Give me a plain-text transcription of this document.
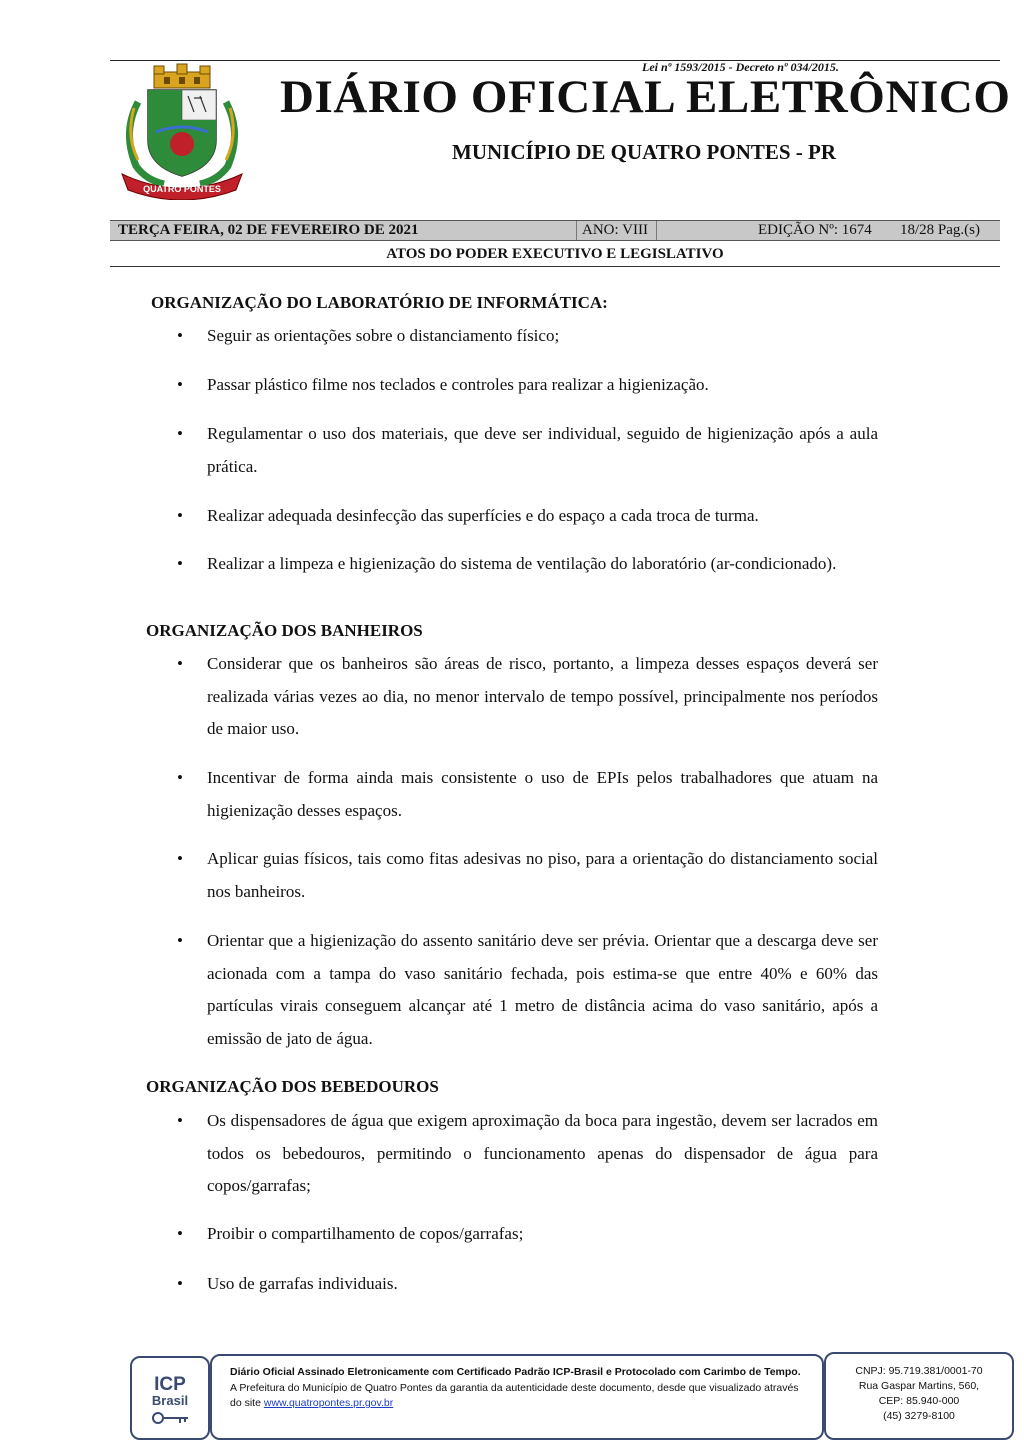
Lei nº 1593/2015 - Decreto nº 034/2015.
QUATRO PONTES
DIÁRIO OFICIAL ELETRÔNICO
MUNICÍPIO DE QUATRO PONTES - PR
TERÇA FEIRA, 02 DE FEVEREIRO DE 2021	ANO: VIII	EDIÇÃO Nº: 1674 18/28 Pag.(s)
ATOS DO PODER EXECUTIVO E LEGISLATIVO
ORGANIZAÇÃO DO LABORATÓRIO DE INFORMÁTICA:
• Seguir as orientações sobre o distanciamento físico;
• Passar plástico filme nos teclados e controles para realizar a higienização.
• Regulamentar o uso dos materiais, que deve ser individual, seguido de higienização após a aula prática.
• Realizar adequada desinfecção das superfícies e do espaço a cada troca de turma.
• Realizar a limpeza e higienização do sistema de ventilação do laboratório (ar-condicionado).
ORGANIZAÇÃO DOS BANHEIROS
• Considerar que os banheiros são áreas de risco, portanto, a limpeza desses espaços deverá ser realizada várias vezes ao dia, no menor intervalo de tempo possível, principalmente nos períodos de maior uso.
• Incentivar de forma ainda mais consistente o uso de EPIs pelos trabalhadores que atuam na higienização desses espaços.
• Aplicar guias físicos, tais como fitas adesivas no piso, para a orientação do distanciamento social nos banheiros.
• Orientar que a higienização do assento sanitário deve ser prévia. Orientar que a descarga deve ser acionada com a tampa do vaso sanitário fechada, pois estima-se que entre 40% e 60% das partículas virais conseguem alcançar até 1 metro de distância acima do vaso sanitário, após a emissão de jato de água.
ORGANIZAÇÃO DOS BEBEDOUROS
• Os dispensadores de água que exigem aproximação da boca para ingestão, devem ser lacrados em todos os bebedouros, permitindo o funcionamento apenas do dispensador de água para copos/garrafas;
• Proibir o compartilhamento de copos/garrafas;
• Uso de garrafas individuais.
ICP
Brasil
Diário Oficial Assinado Eletronicamente com Certificado Padrão ICP-Brasil e Protocolado com Carimbo de Tempo.
A Prefeitura do Município de Quatro Pontes da garantia da autenticidade deste documento, desde que visualizado através do site www.quatropontes.pr.gov.br
CNPJ: 95.719.381/0001-70
Rua Gaspar Martins, 560,
CEP: 85.940-000
(45) 3279-8100
